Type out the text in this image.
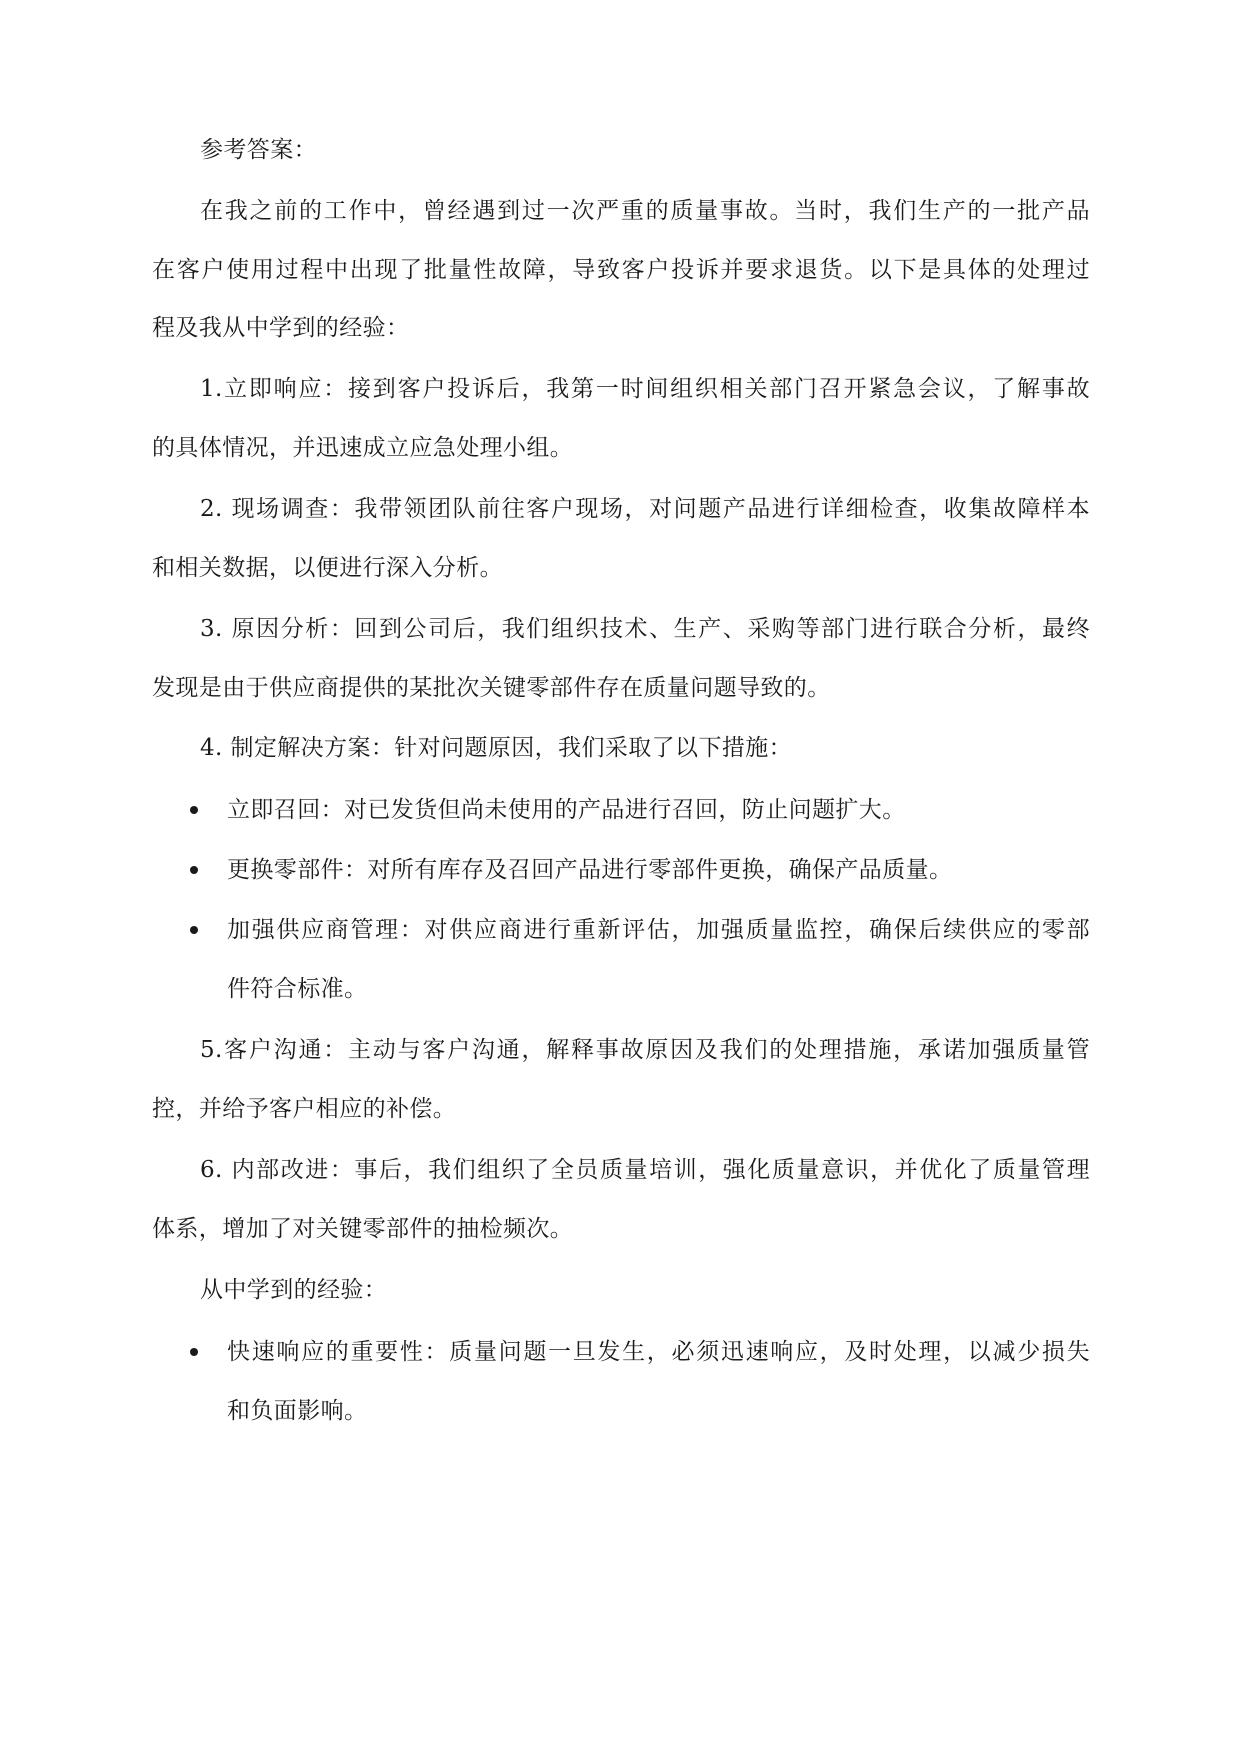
参考答案：
在我之前的工作中，曾经遇到过一次严重的质量事故。当时，我们生产的一批产品
在客户使用过程中出现了批量性故障，导致客户投诉并要求退货。以下是具体的处理过
程及我从中学到的经验：
1.立即响应：接到客户投诉后，我第一时间组织相关部门召开紧急会议，了解事故
的具体情况，并迅速成立应急处理小组。
2. 现场调查：我带领团队前往客户现场，对问题产品进行详细检查，收集故障样本
和相关数据，以便进行深入分析。
3. 原因分析：回到公司后，我们组织技术、生产、采购等部门进行联合分析，最终
发现是由于供应商提供的某批次关键零部件存在质量问题导致的。
4. 制定解决方案：针对问题原因，我们采取了以下措施：
立即召回：对已发货但尚未使用的产品进行召回，防止问题扩大。
更换零部件：对所有库存及召回产品进行零部件更换，确保产品质量。
加强供应商管理：对供应商进行重新评估，加强质量监控，确保后续供应的零部
件符合标准。
5.客户沟通：主动与客户沟通，解释事故原因及我们的处理措施，承诺加强质量管
控，并给予客户相应的补偿。
6. 内部改进：事后，我们组织了全员质量培训，强化质量意识，并优化了质量管理
体系，增加了对关键零部件的抽检频次。
从中学到的经验：
快速响应的重要性：质量问题一旦发生，必须迅速响应，及时处理，以减少损失
和负面影响。
